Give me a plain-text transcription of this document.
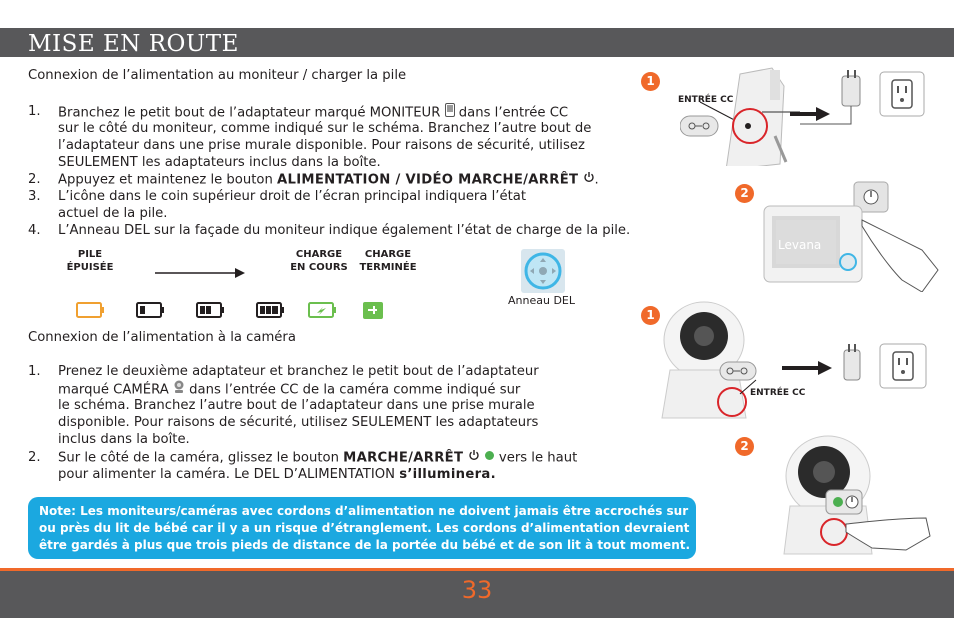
MISE EN ROUTE
Connexion de l’alimentation au moniteur / charger la pile
1. Branchez le petit bout de l’adaptateur marqué MONITEUR dans l’entrée CC
sur le côté du moniteur, comme indiqué sur le schéma. Branchez l’autre bout de
l’adaptateur dans une prise murale disponible. Pour raisons de sécurité, utilisez
SEULEMENT les adaptateurs inclus dans la boîte.
2. Appuyez et maintenez le bouton ALIMENTATION / VIDÉO MARCHE/ARRÊT .
3. L’icône dans le coin supérieur droit de l’écran principal indiquera l’état
actuel de la pile.
4. L’Anneau DEL sur la façade du moniteur indique également l’état de charge de la pile.
PILE
ÉPUISÉE
CHARGE
EN COURS
CHARGE
TERMINÉE
Anneau DEL
Connexion de l’alimentation à la caméra
1. Prenez le deuxième adaptateur et branchez le petit bout de l’adaptateur
marqué CAMÉRA dans l’entrée CC de la caméra comme indiqué sur
le schéma. Branchez l’autre bout de l’adaptateur dans une prise murale
disponible. Pour raisons de sécurité, utilisez SEULEMENT les adaptateurs
inclus dans la boîte.
2. Sur le côté de la caméra, glissez le bouton MARCHE/ARRÊT	vers le haut
pour alimenter la caméra. Le DEL D’ALIMENTATION s’illuminera.
Note: Les moniteurs/caméras avec cordons d’alimentation ne doivent jamais être accrochés sur
ou près du lit de bébé car il y a un risque d’étranglement. Les cordons d’alimentation devraient
être gardés à plus que trois pieds de distance de la portée du bébé et de son lit à tout moment.
1
ENTRÉE CC
2
Levana
1
ENTRÉE CC
2
33
